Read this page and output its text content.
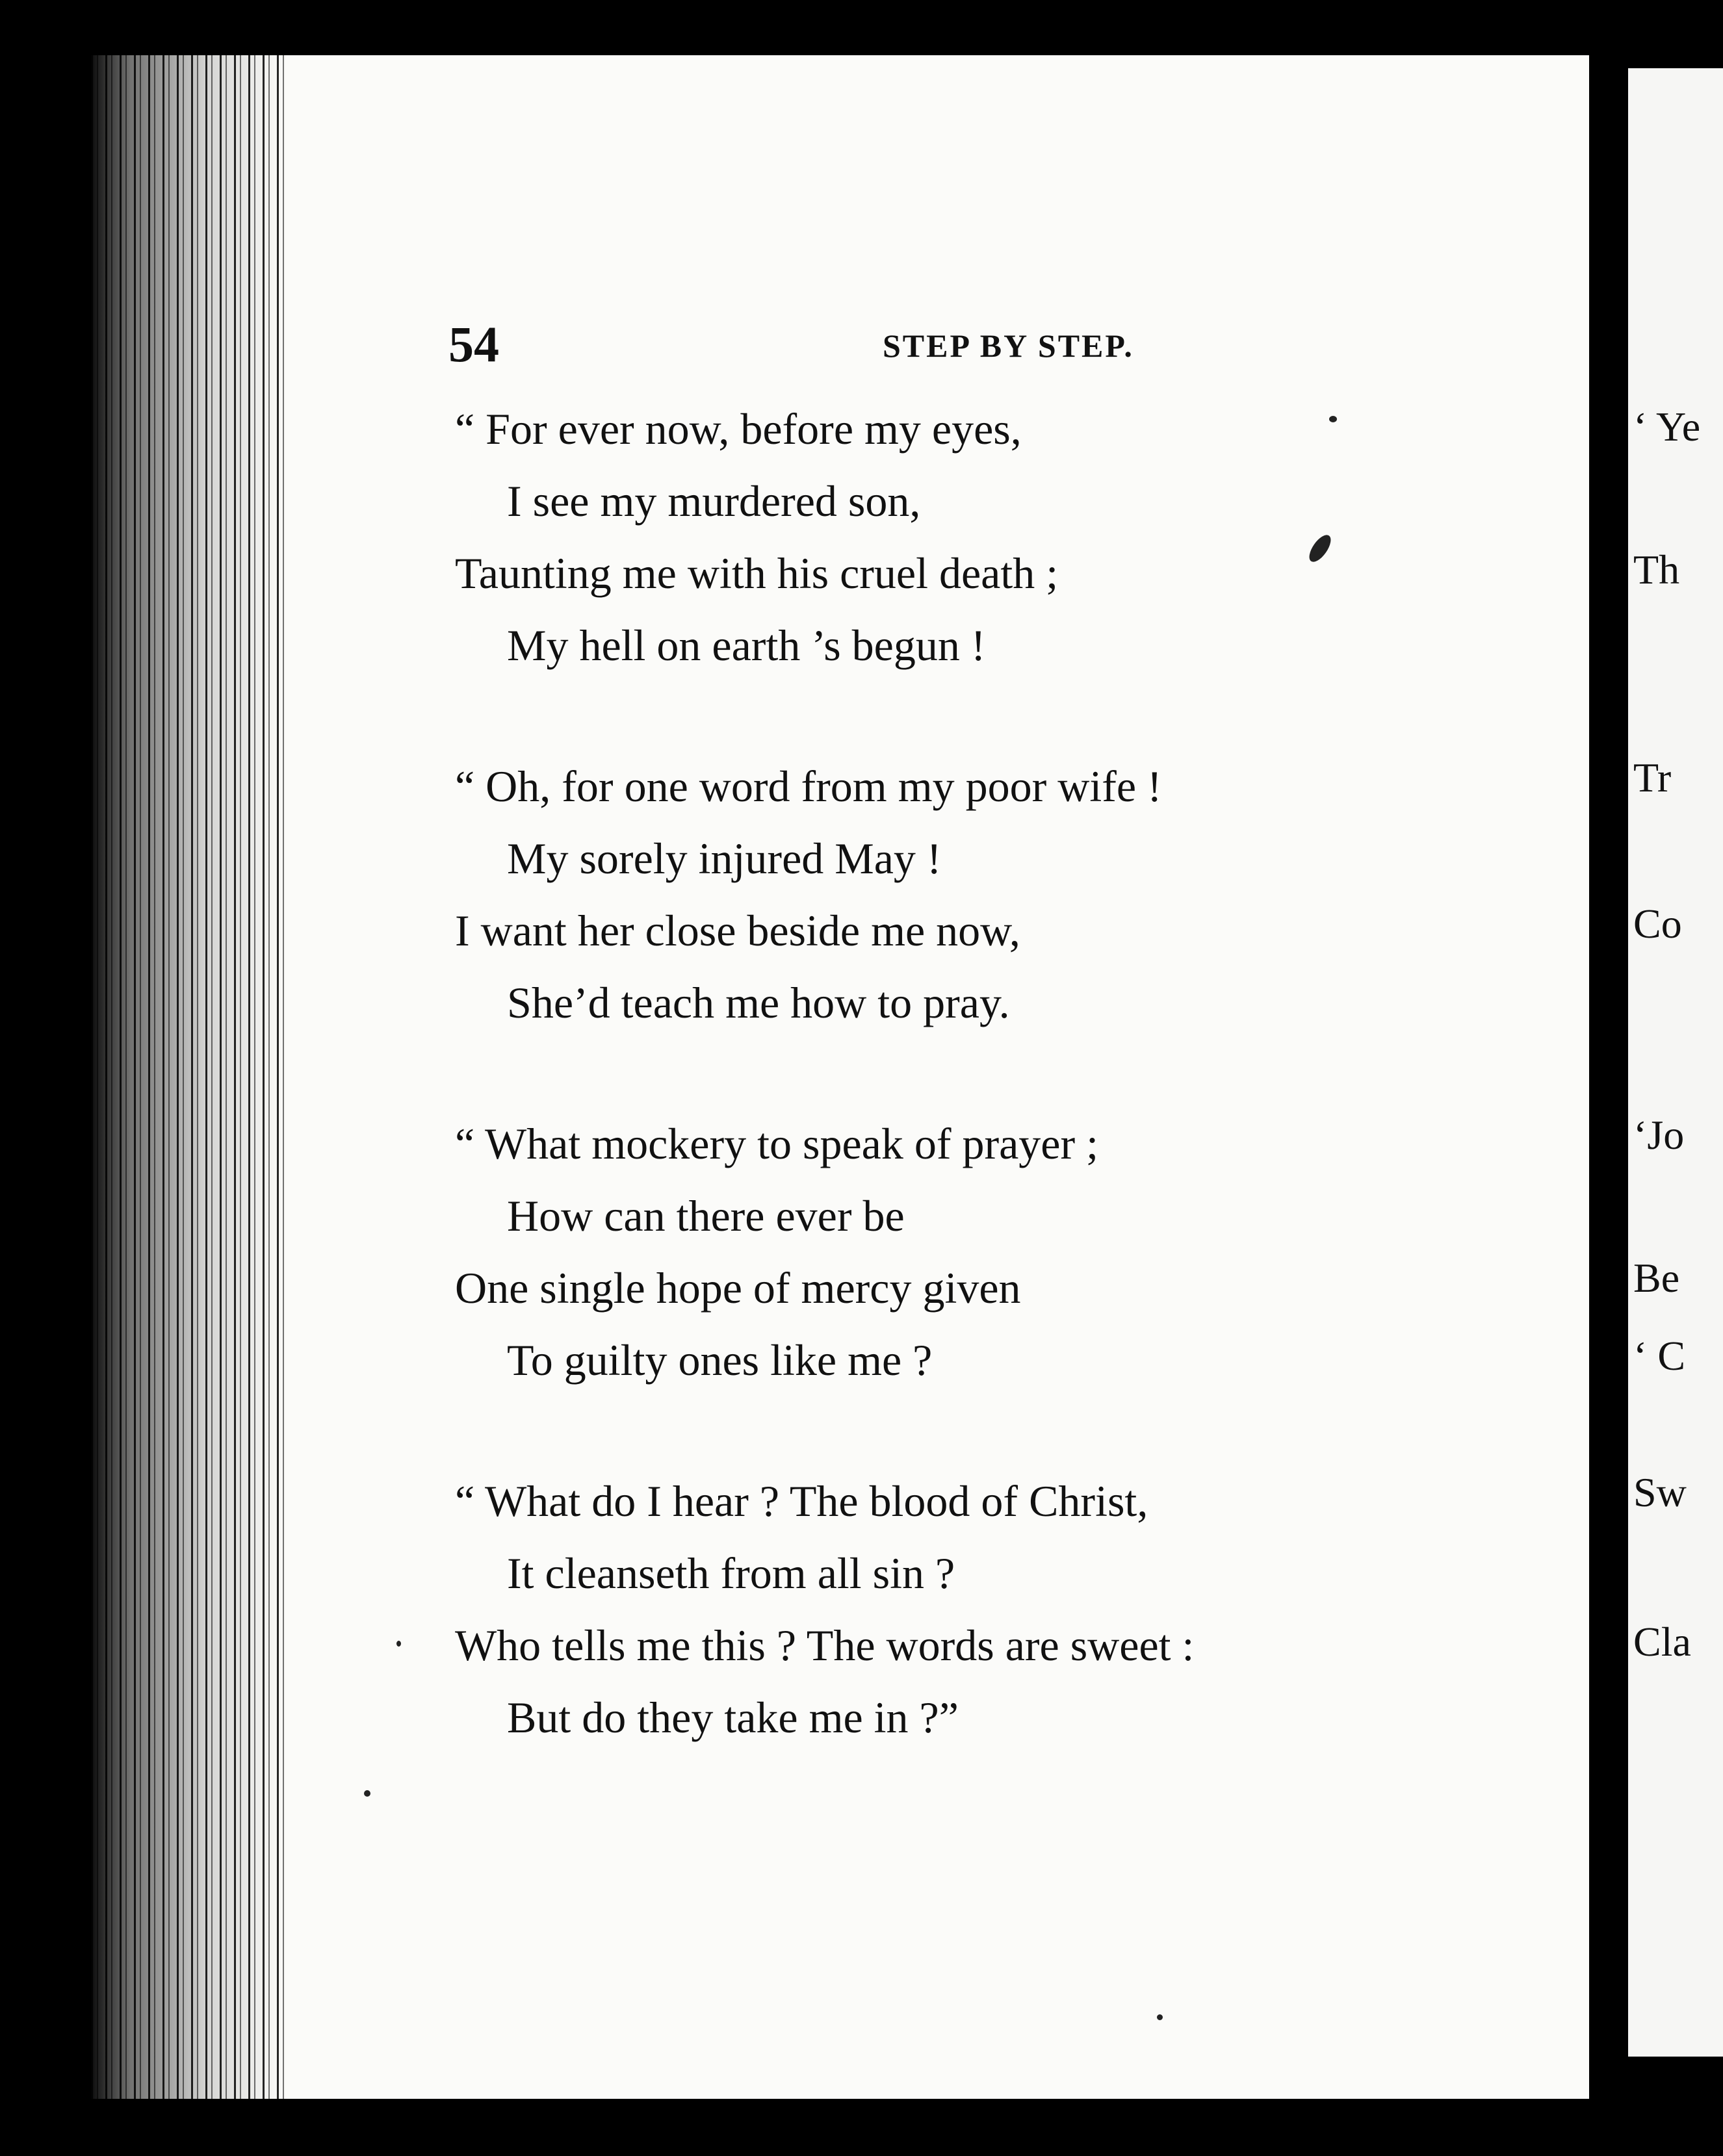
54	STEP BY STEP.
“ For ever now, before my eyes,
I see my murdered son,
Taunting me with his cruel death ;
My hell on earth ’s begun !
“ Oh, for one word from my poor wife !
My sorely injured May !
I want her close beside me now,
She’d teach me how to pray.
“ What mockery to speak of prayer ;
How can there ever be
One single hope of mercy given
To guilty ones like me ?
“ What do I hear ? The blood of Christ,
It cleanseth from all sin ?
Who tells me this ? The words are sweet :
But do they take me in ?”
‘ Ye
Th
Tr
Co
‘Jo
Be
‘ C
Sw
Cla
